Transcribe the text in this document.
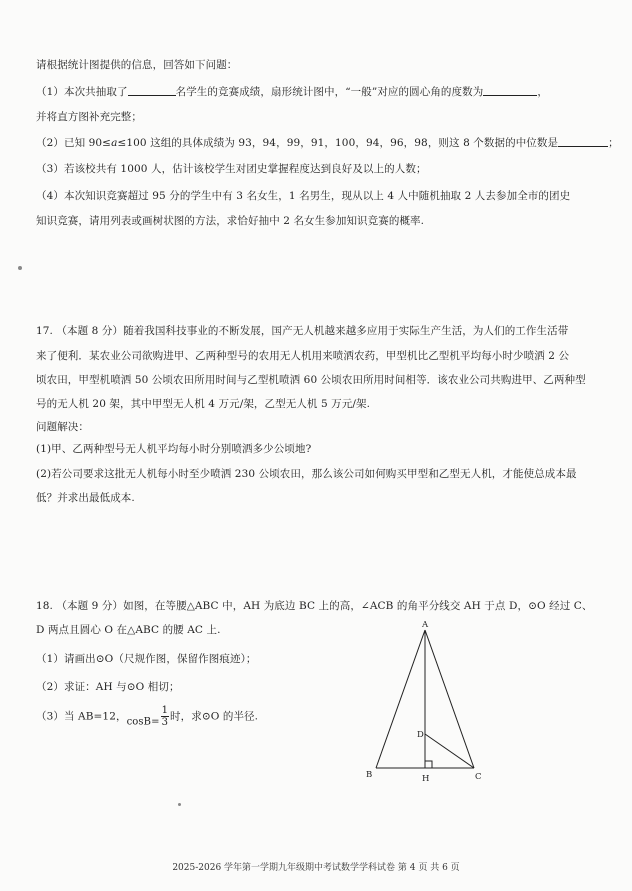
请根据统计图提供的信息，回答如下问题：
（1）本次共抽取了	名学生的竞赛成绩，扇形统计图中，“一般”对应的圆心角的度数为	，
并将直方图补充完整；
（2）已知 90≤a≤100 这组的具体成绩为 93，94，99，91，100，94，96，98，则这 8 个数据的中位数是	；
（3）若该校共有 1000 人，估计该校学生对团史掌握程度达到良好及以上的人数；
（4）本次知识竞赛超过 95 分的学生中有 3 名女生，1 名男生，现从以上 4 人中随机抽取 2 人去参加全市的团史
知识竞赛，请用列表或画树状图的方法，求恰好抽中 2 名女生参加知识竞赛的概率.
17. （本题 8 分）随着我国科技事业的不断发展，国产无人机越来越多应用于实际生产生活，为人们的工作生活带
来了便利．某农业公司欲购进甲、乙两种型号的农用无人机用来喷洒农药，甲型机比乙型机平均每小时少喷洒 2 公
顷农田，甲型机喷洒 50 公顷农田所用时间与乙型机喷洒 60 公顷农田所用时间相等．该农业公司共购进甲、乙两种型
号的无人机 20 架，其中甲型无人机 4 万元/架，乙型无人机 5 万元/架.
问题解决：
(1)甲、乙两种型号无人机平均每小时分别喷洒多少公顷地?
(2)若公司要求这批无人机每小时至少喷洒 230 公顷农田，那么该公司如何购买甲型和乙型无人机，才能使总成本最
低？并求出最低成本.
18. （本题 9 分）如图，在等腰△ABC 中，AH 为底边 BC 上的高，∠ACB 的角平分线交 AH 于点 D，⊙O 经过 C、
D 两点且圆心 O 在△ABC 的腰 AC 上.
（1）请画出⊙O（尺规作图，保留作图痕迹）；
（2）求证：AH 与⊙O 相切；
（3）当 AB=12，$\cos B= \frac{1}{3}$ 时，求⊙O 的半径.
A
B	C
D
H
2025-2026 学年第一学期九年级期中考试数学学科试卷 第 4 页 共 6 页
